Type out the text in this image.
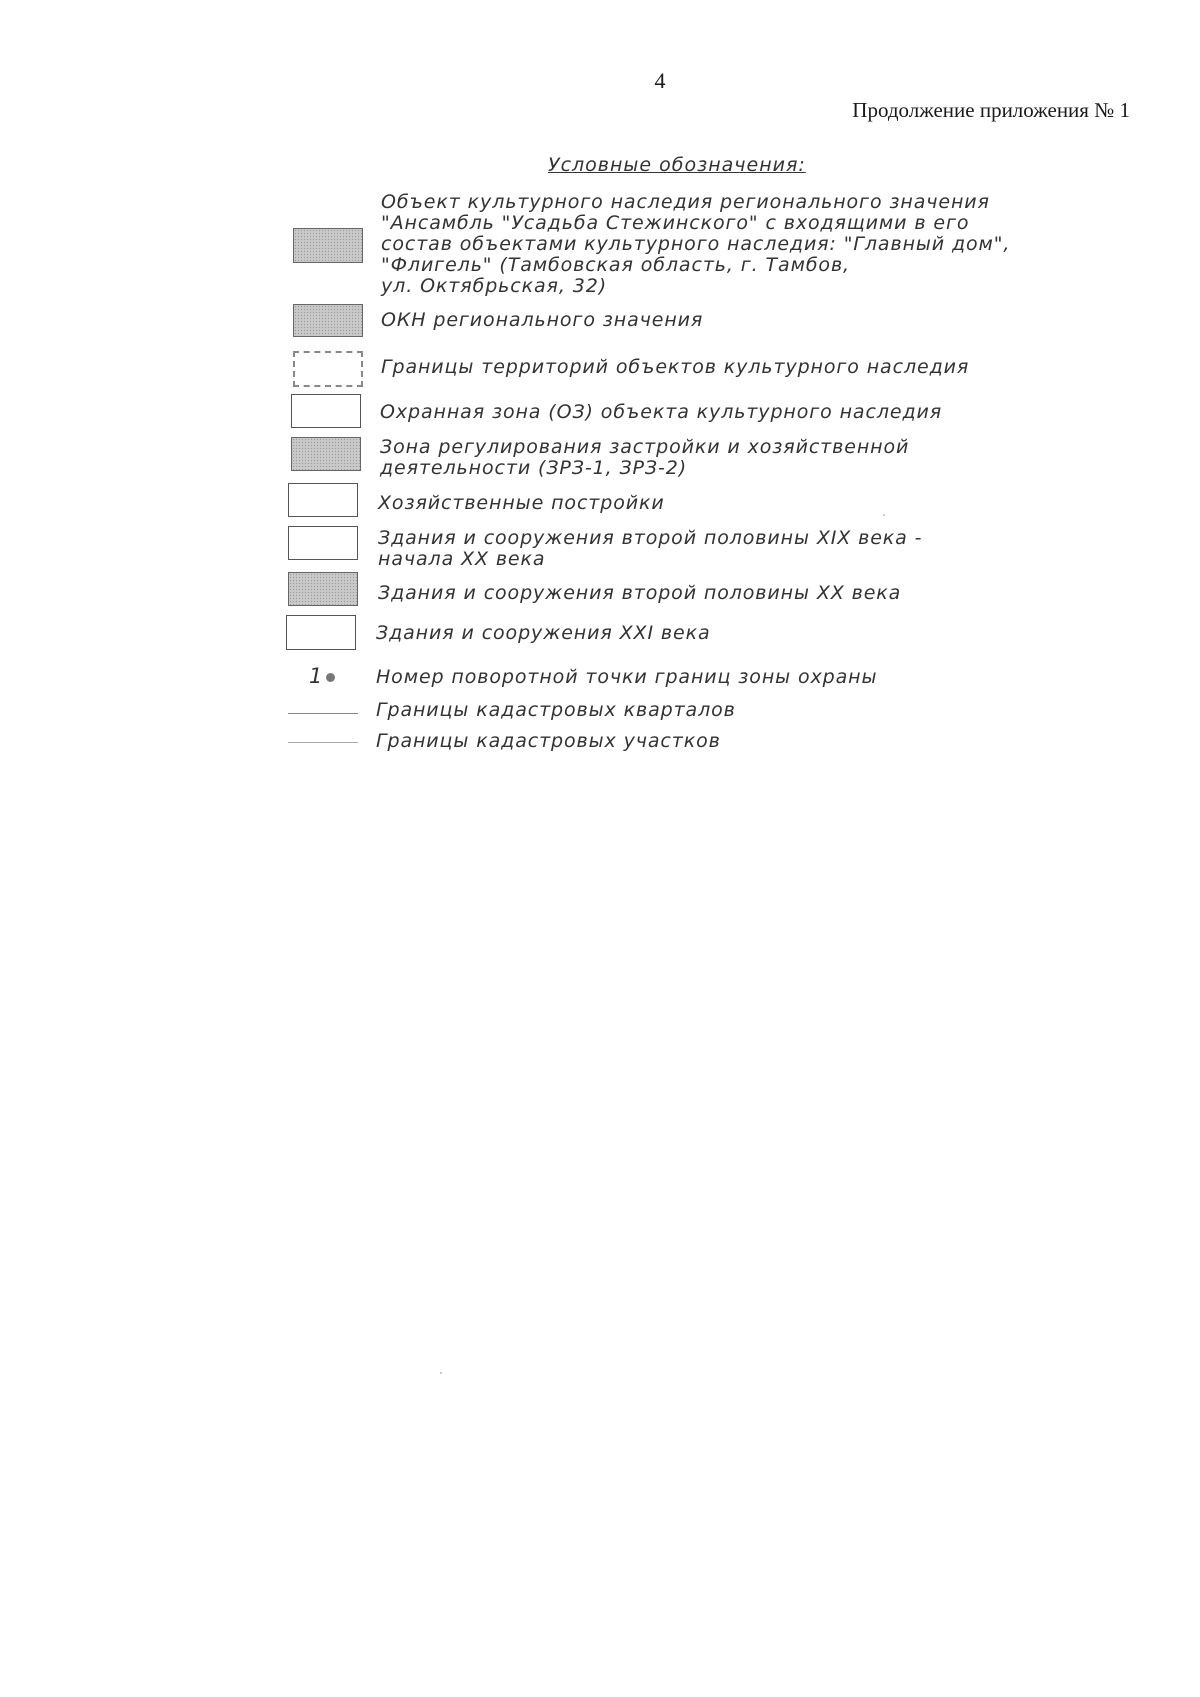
4
Продолжение приложения № 1
Условные обозначения:
Объект культурного наследия регионального значения
"Ансамбль "Усадьба Стежинского" с входящими в его
состав объектами культурного наследия: "Главный дом",
"Флигель" (Тамбовская область, г. Тамбов,
ул. Октябрьская, 32)
ОКН регионального значения
Границы территорий объектов культурного наследия
Охранная зона (ОЗ) объекта культурного наследия
Зона регулирования застройки и хозяйственной
деятельности (ЗРЗ-1, ЗРЗ-2)
Хозяйственные постройки
Здания и сооружения второй половины XIX века -
начала XX века
Здания и сооружения второй половины XX века
Здания и сооружения XXI века
1	Номер поворотной точки границ зоны охраны
Границы кадастровых кварталов
Границы кадастровых участков
